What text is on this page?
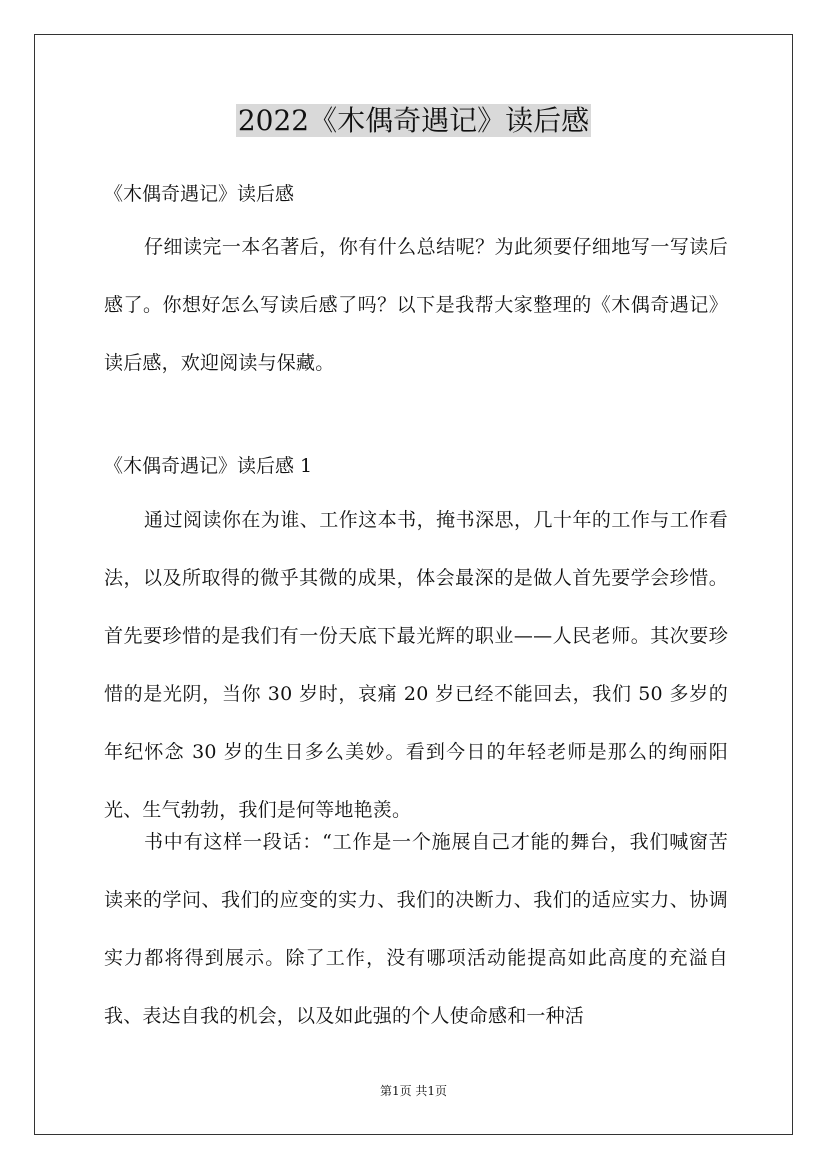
2022《木偶奇遇记》读后感

《木偶奇遇记》读后感

仔细读完一本名著后，你有什么总结呢？为此须要仔细地写一写读后感了。你想好怎么写读后感了吗？以下是我帮大家整理的《木偶奇遇记》读后感，欢迎阅读与保藏。

《木偶奇遇记》读后感 1

通过阅读你在为谁、工作这本书，掩书深思，几十年的工作与工作看法，以及所取得的微乎其微的成果，体会最深的是做人首先要学会珍惜。首先要珍惜的是我们有一份天底下最光辉的职业——人民老师。其次要珍惜的是光阴，当你 30 岁时，哀痛 20 岁已经不能回去，我们 50 多岁的年纪怀念 30 岁的生日多么美妙。看到今日的年轻老师是那么的绚丽阳光、生气勃勃，我们是何等地艳羡。

书中有这样一段话：“工作是一个施展自己才能的舞台，我们喊窗苦读来的学问、我们的应变的实力、我们的决断力、我们的适应实力、协调实力都将得到展示。除了工作，没有哪项活动能提高如此高度的充溢自我、表达自我的机会，以及如此强的个人使命感和一种活

第1页 共1页
